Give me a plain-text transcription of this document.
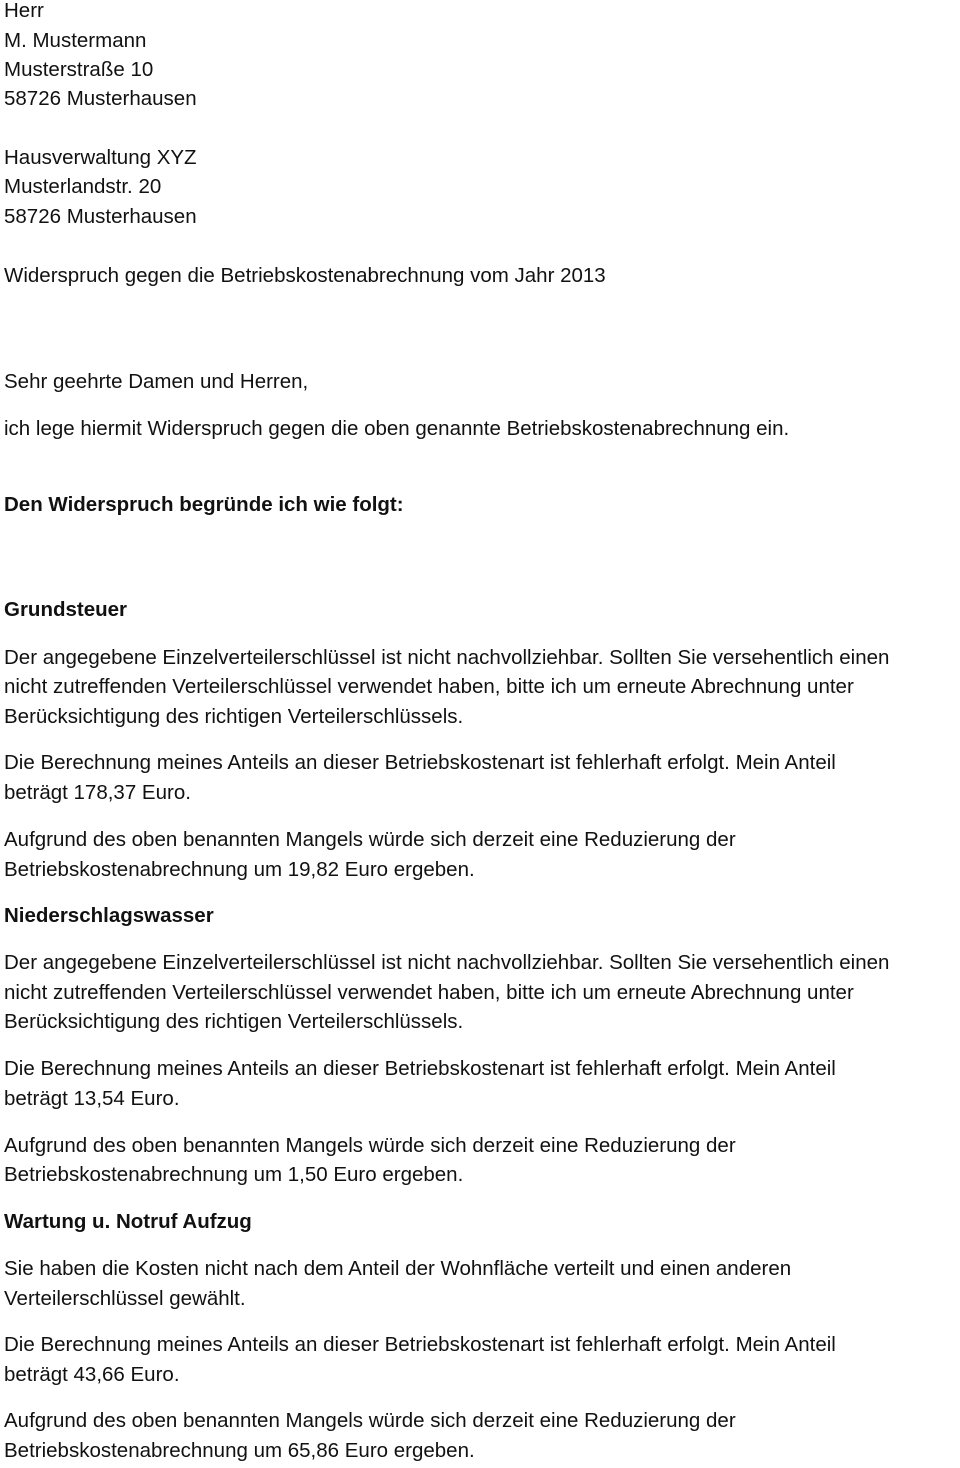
Herr
M. Mustermann
Musterstraße 10
58726 Musterhausen
Hausverwaltung XYZ
Musterlandstr. 20
58726 Musterhausen
Widerspruch gegen die Betriebskostenabrechnung vom Jahr 2013
Sehr geehrte Damen und Herren,
ich lege hiermit Widerspruch gegen die oben genannte Betriebskostenabrechnung ein.
Den Widerspruch begründe ich wie folgt:
Grundsteuer
Der angegebene Einzelverteilerschlüssel ist nicht nachvollziehbar. Sollten Sie versehentlich einen
nicht zutreffenden Verteilerschlüssel verwendet haben, bitte ich um erneute Abrechnung unter
Berücksichtigung des richtigen Verteilerschlüssels.
Die Berechnung meines Anteils an dieser Betriebskostenart ist fehlerhaft erfolgt. Mein Anteil
beträgt 178,37 Euro.
Aufgrund des oben benannten Mangels würde sich derzeit eine Reduzierung der
Betriebskostenabrechnung um 19,82 Euro ergeben.
Niederschlagswasser
Der angegebene Einzelverteilerschlüssel ist nicht nachvollziehbar. Sollten Sie versehentlich einen
nicht zutreffenden Verteilerschlüssel verwendet haben, bitte ich um erneute Abrechnung unter
Berücksichtigung des richtigen Verteilerschlüssels.
Die Berechnung meines Anteils an dieser Betriebskostenart ist fehlerhaft erfolgt. Mein Anteil
beträgt 13,54 Euro.
Aufgrund des oben benannten Mangels würde sich derzeit eine Reduzierung der
Betriebskostenabrechnung um 1,50 Euro ergeben.
Wartung u. Notruf Aufzug
Sie haben die Kosten nicht nach dem Anteil der Wohnfläche verteilt und einen anderen
Verteilerschlüssel gewählt.
Die Berechnung meines Anteils an dieser Betriebskostenart ist fehlerhaft erfolgt. Mein Anteil
beträgt 43,66 Euro.
Aufgrund des oben benannten Mangels würde sich derzeit eine Reduzierung der
Betriebskostenabrechnung um 65,86 Euro ergeben.
